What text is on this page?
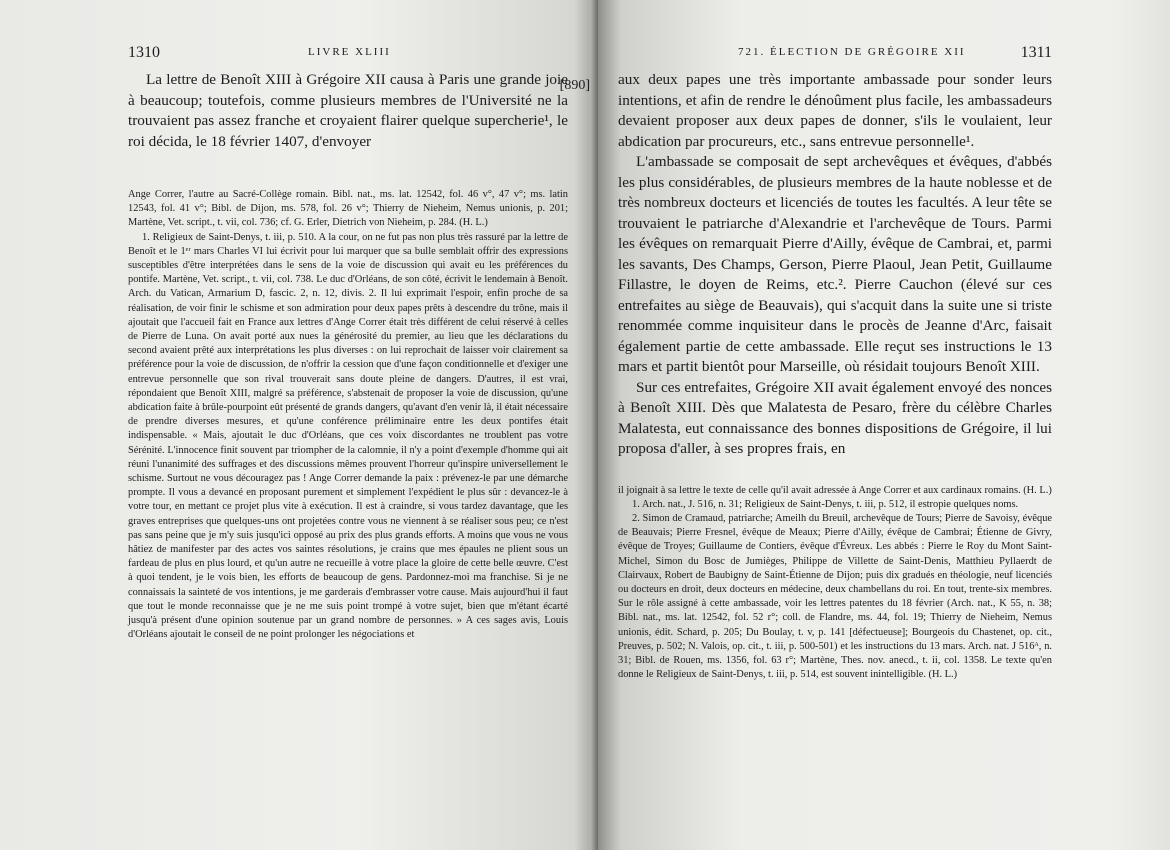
1310	LIVRE XLIII

La lettre de Benoît XIII à Grégoire XII causa à Paris une grande joie à beaucoup; toutefois, comme plusieurs membres de l'Université ne la trouvaient pas assez franche et croyaient flairer quelque supercherie¹, le roi décida, le 18 février 1407, d'envoyer

Ange Correr, l'autre au Sacré-Collège romain. Bibl. nat., ms. lat. 12542, fol. 46 v°, 47 v°; ms. latin 12543, fol. 41 v°; Bibl. de Dijon, ms. 578, fol. 26 v°; Thierry de Nieheim, Nemus unionis, p. 201; Martène, Vet. script., t. vii, col. 736; cf. G. Erler, Dietrich von Nieheim, p. 284. (H. L.)

1. Religieux de Saint-Denys, t. iii, p. 510. A la cour, on ne fut pas non plus très rassuré par la lettre de Benoît et le 1ᵉʳ mars Charles VI lui écrivit pour lui marquer que sa bulle semblait offrir des expressions susceptibles d'être interprétées dans le sens de la voie de discussion qui avait eu les préférences du pontife. Martène, Vet. script., t. vii, col. 738. Le duc d'Orléans, de son côté, écrivit le lendemain à Benoît. Arch. du Vatican, Armarium D, fascic. 2, n. 12, divis. 2. Il lui exprimait l'espoir, enfin proche de sa réalisation, de voir finir le schisme et son admiration pour deux papes prêts à descendre du trône, mais il ajoutait que l'accueil fait en France aux lettres d'Ange Correr était très différent de celui réservé à celles de Pierre de Luna. On avait porté aux nues la générosité du premier, au lieu que les déclarations du second avaient prêté aux interprétations les plus diverses : on lui reprochait de laisser voir clairement sa préférence pour la voie de discussion, de n'offrir la cession que d'une façon conditionnelle et d'exiger une entrevue personnelle que son rival trouverait sans doute pleine de dangers. D'autres, il est vrai, répondaient que Benoît XIII, malgré sa préférence, s'abstenait de proposer la voie de discussion, qu'une abdication faite à brûle-pourpoint eût présenté de grands dangers, qu'avant d'en venir là, il était nécessaire de prendre diverses mesures, et qu'une conférence préliminaire entre les deux pontifes était indispensable. « Mais, ajoutait le duc d'Orléans, que ces voix discordantes ne troublent pas votre Sérénité. L'innocence finit souvent par triompher de la calomnie, il n'y a point d'exemple d'homme qui ait réuni l'unanimité des suffrages et des discussions mêmes prouvent l'horreur qu'inspire universellement le schisme. Surtout ne vous découragez pas ! Ange Correr demande la paix : prévenez-le par une démarche prompte. Il vous a devancé en proposant purement et simplement l'expédient le plus sûr : devancez-le à votre tour, en mettant ce projet plus vite à exécution. Il est à craindre, si vous tardez davantage, que les graves entreprises que quelques-uns ont projetées contre vous ne viennent à se réaliser sous peu; ce n'est pas sans peine que je m'y suis jusqu'ici opposé au prix des plus grands efforts. A moins que vous ne vous hâtiez de manifester par des actes vos saintes résolutions, je crains que mes épaules ne plient sous un fardeau de plus en plus lourd, et qu'un autre ne recueille à votre place la gloire de cette belle œuvre. C'est à quoi tendent, je le vois bien, les efforts de beaucoup de gens. Pardonnez-moi ma franchise. Si je ne connaissais la sainteté de vos intentions, je me garderais d'embrasser votre cause. Mais aujourd'hui il faut que tout le monde reconnaisse que je ne me suis point trompé à votre sujet, bien que m'étant écarté jusqu'à présent d'une opinion soutenue par un grand nombre de personnes. » A ces sages avis, Louis d'Orléans ajoutait le conseil de ne point prolonger les négociations et

[890]
721. ÉLECTION DE GRÉGOIRE XII	1311

aux deux papes une très importante ambassade pour sonder leurs intentions, et afin de rendre le dénoûment plus facile, les ambassadeurs devaient proposer aux deux papes de donner, s'ils le voulaient, leur abdication par procureurs, etc., sans entrevue personnelle¹.

L'ambassade se composait de sept archevêques et évêques, d'abbés les plus considérables, de plusieurs membres de la haute noblesse et de très nombreux docteurs et licenciés de toutes les facultés. A leur tête se trouvaient le patriarche d'Alexandrie et l'archevêque de Tours. Parmi les évêques on remarquait Pierre d'Ailly, évêque de Cambrai, et, parmi les savants, Des Champs, Gerson, Pierre Plaoul, Jean Petit, Guillaume Fillastre, le doyen de Reims, etc.². Pierre Cauchon (élevé sur ces entrefaites au siège de Beauvais), qui s'acquit dans la suite une si triste renommée comme inquisiteur dans le procès de Jeanne d'Arc, faisait également partie de cette ambassade. Elle reçut ses instructions le 13 mars et partit bientôt pour Marseille, où résidait toujours Benoît XIII.

Sur ces entrefaites, Grégoire XII avait également envoyé des nonces à Benoît XIII. Dès que Malatesta de Pesaro, frère du célèbre Charles Malatesta, eut connaissance des bonnes dispositions de Grégoire, il lui proposa d'aller, à ses propres frais, en

il joignait à sa lettre le texte de celle qu'il avait adressée à Ange Correr et aux cardinaux romains. (H. L.)

1. Arch. nat., J. 516, n. 31; Religieux de Saint-Denys, t. iii, p. 512, il estropie quelques noms.

2. Simon de Cramaud, patriarche; Ameilh du Breuil, archevêque de Tours; Pierre de Savoisy, évêque de Beauvais; Pierre Fresnel, évêque de Meaux; Pierre d'Ailly, évêque de Cambrai; Étienne de Givry, évêque de Troyes; Guillaume de Contiers, évêque d'Évreux. Les abbés : Pierre le Roy du Mont Saint-Michel, Simon du Bosc de Jumièges, Philippe de Villette de Saint-Denis, Matthieu Pyllaerdt de Clairvaux, Robert de Baubigny de Saint-Étienne de Dijon; puis dix gradués en théologie, neuf licenciés ou docteurs en droit, deux docteurs en médecine, deux chambellans du roi. En tout, trente-six membres. Sur le rôle assigné à cette ambassade, voir les lettres patentes du 18 février (Arch. nat., K 55, n. 38; Bibl. nat., ms. lat. 12542, fol. 52 r°; coll. de Flandre, ms. 44, fol. 19; Thierry de Nieheim, Nemus unionis, édit. Schard, p. 205; Du Boulay, t. v, p. 141 [défectueuse]; Bourgeois du Chastenet, op. cit., Preuves, p. 502; N. Valois, op. cit., t. iii, p. 500-501) et les instructions du 13 mars. Arch. nat. J 516ᴬ, n. 31; Bibl. de Rouen, ms. 1356, fol. 63 r°; Martène, Thes. nov. anecd., t. ii, col. 1358. Le texte qu'en donne le Religieux de Saint-Denys, t. iii, p. 514, est souvent inintelligible. (H. L.)
